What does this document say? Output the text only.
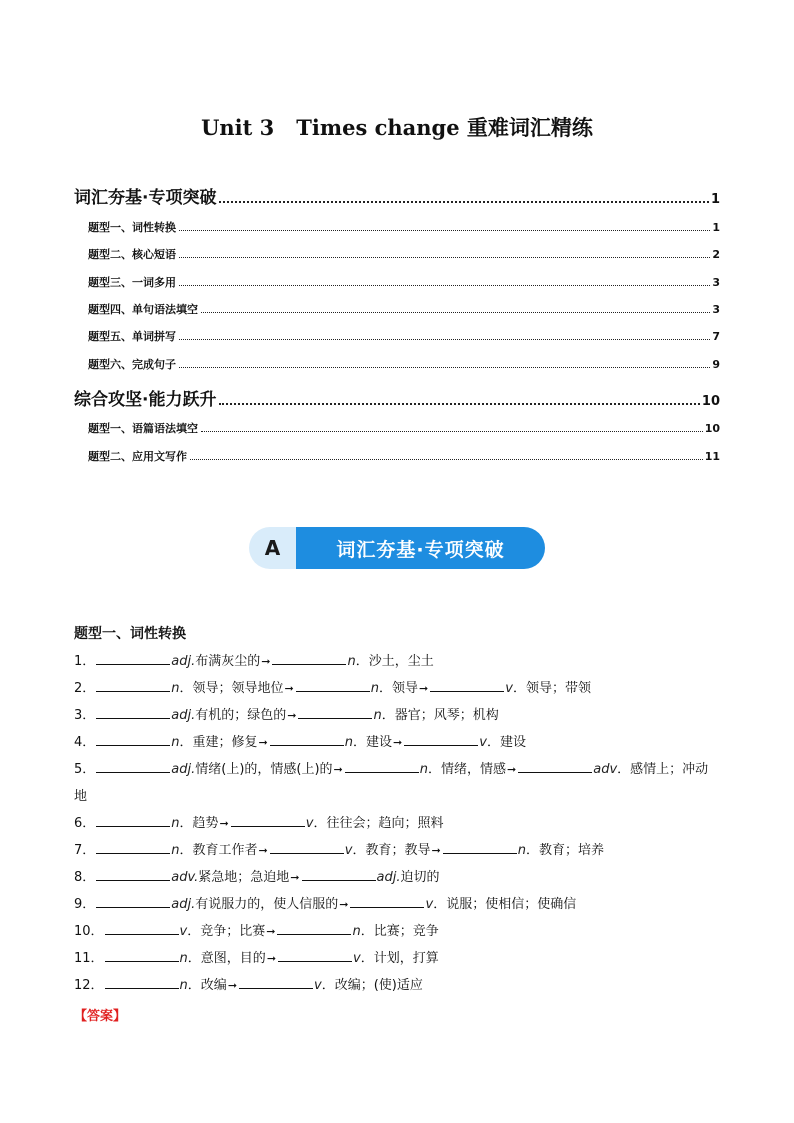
Unit 3 Times change 重难词汇精练
词汇夯基·专项突破	1
题型一、词性转换	1
题型二、核心短语	2
题型三、一词多用	3
题型四、单句语法填空	3
题型五、单词拼写	7
题型六、完成句子	9
综合攻坚·能力跃升	10
题型一、语篇语法填空	10
题型二、应用文写作	11
A	词汇夯基·专项突破
题型一、词性转换
1．	adj.布满灰尘的➞	n．沙土，尘土
2．	n．领导；领导地位➞	n．领导➞	v．领导；带领
3．	adj.有机的；绿色的➞	n．器官；风琴；机构
4．	n．重建；修复➞	n．建设➞	v．建设
5．	adj.情绪(上)的，情感(上)的➞	n．情绪，情感➞	adv．感情上；冲动
地
6．	n．趋势➞	v．往往会；趋向；照料
7．	n．教育工作者➞	v．教育；教导➞	n．教育；培养
8．	adv.紧急地；急迫地➞	adj.迫切的
9．	adj.有说服力的，使人信服的➞	v．说服；使相信；使确信
10．	v．竞争；比赛➞	n．比赛；竞争
11．	n．意图，目的➞	v．计划，打算
12．	n．改编➞	v．改编；(使)适应
【答案】
